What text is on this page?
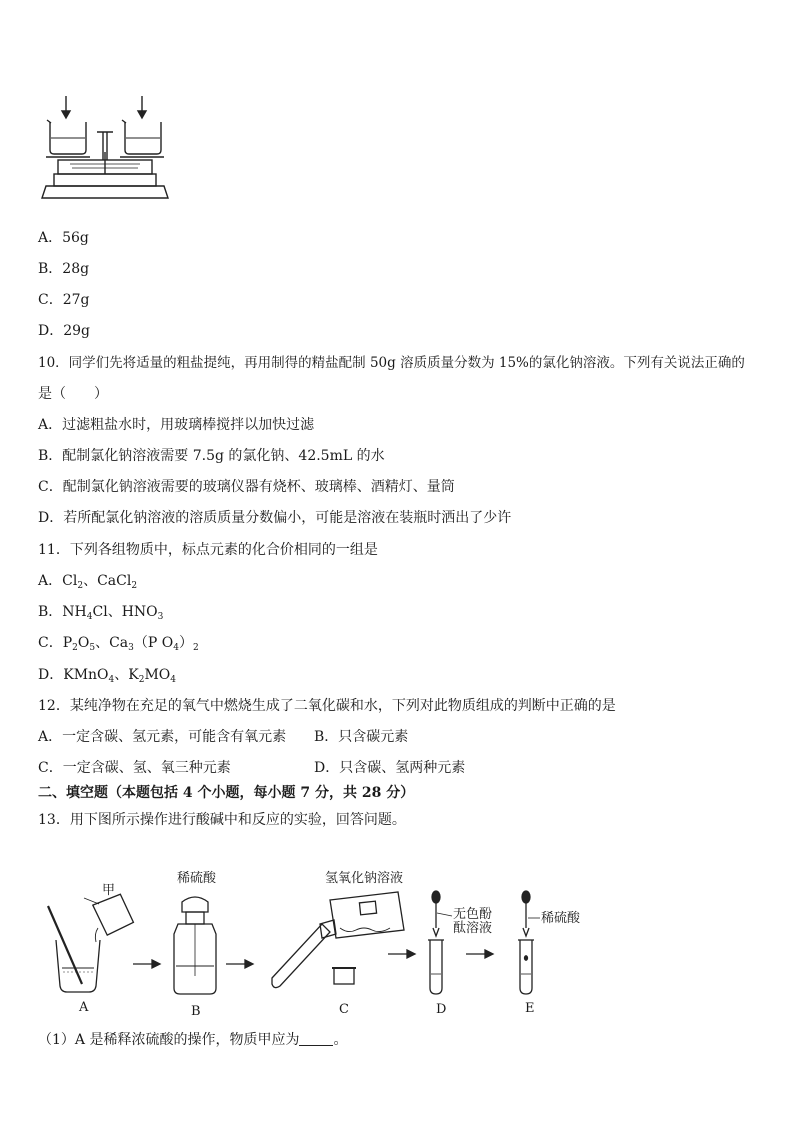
A．56g
B．28g
C．27g
D．29g
10．同学们先将适量的粗盐提纯，再用制得的精盐配制 50g 溶质质量分数为 15%的氯化钠溶液。下列有关说法正确的
是（　　）
A．过滤粗盐水时，用玻璃棒搅拌以加快过滤
B．配制氯化钠溶液需要 7.5g 的氯化钠、42.5mL 的水
C．配制氯化钠溶液需要的玻璃仪器有烧杯、玻璃棒、酒精灯、量筒
D．若所配氯化钠溶液的溶质质量分数偏小，可能是溶液在装瓶时洒出了少许
11．下列各组物质中，标点元素的化合价相同的一组是
A．$Cl_2$、CaCl$_2$
B．$NH_4Cl$、$HNO_3$
C．$P_2O_5$、$Ca_3(P$ $O_4)_2$
D．KMnO$_4$、$K_2MO_4$
12．某纯净物在充足的氧气中燃烧生成了二氧化碳和水，下列对此物质组成的判断中正确的是
A．一定含碳、氢元素，可能含有氧元素 B．只含碳元素
C．一定含碳、氢、氧三种元素	D．只含碳、氢两种元素
二、填空题（本题包括 4 个小题，每小题 7 分，共 28 分）
13．用下图所示操作进行酸碱中和反应的实验，回答问题。
甲
稀硫酸	氢氧化钠溶液
无色酚
酞溶液
稀硫酸
A	B	C	D	E
（1）A 是稀释浓硫酸的操作，物质甲应为 。
